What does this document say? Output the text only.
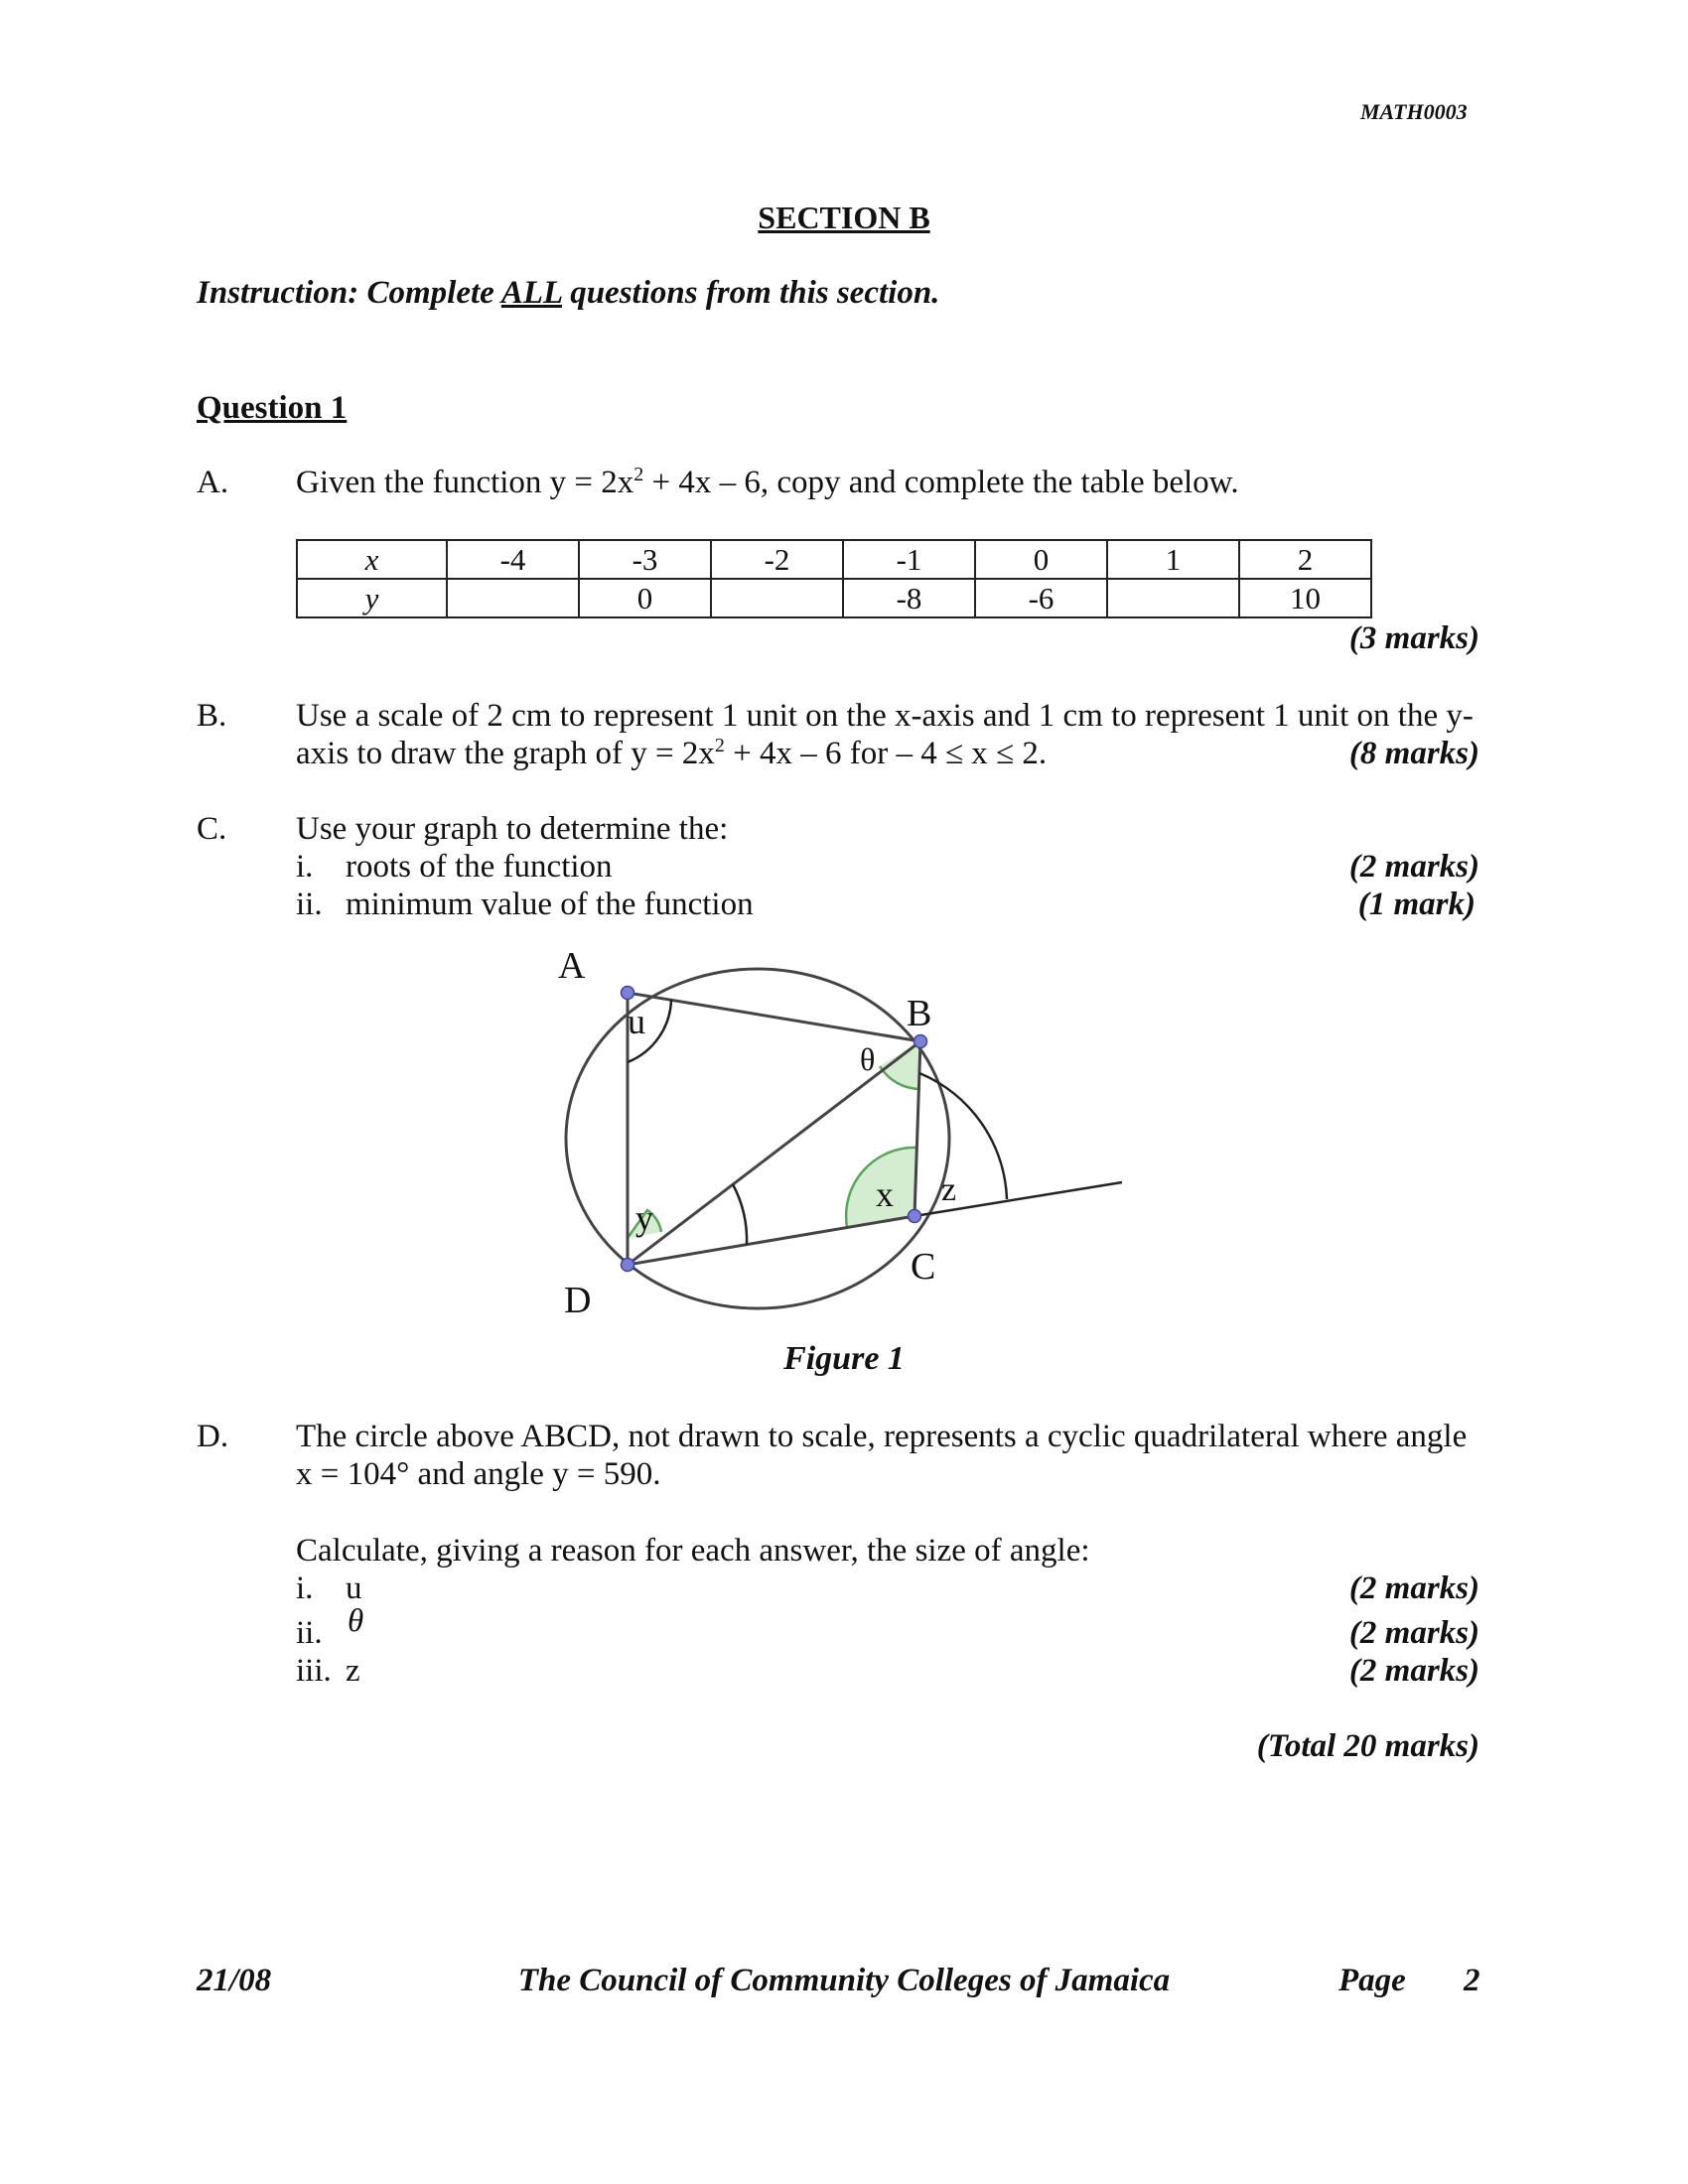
MATH0003
SECTION B
Instruction: Complete ALL questions from this section.
Question 1
A. Given the function $y = 2x^2 + 4x - 6$, copy and complete the table below.
x	-4	-3	-2	-1	0	1	2
y		0		-8	-6		10
(3 marks)
B. Use a scale of 2 cm to represent 1 unit on the x-axis and 1 cm to represent 1 unit on the y-
axis to draw the graph of $y = 2x^2 + 4x - 6$ for – 4 ≤ x ≤ 2.	(8 marks)
C. Use your graph to determine the:
i. roots of the function	(2 marks)
ii. minimum value of the function	(1 mark)
A
B
C
D
u
θ
x
y
z
Figure 1
D. The circle above ABCD, not drawn to scale, represents a cyclic quadrilateral where angle
x = 104° and angle y = 590.
Calculate, giving a reason for each answer, the size of angle:
i. u	(2 marks)
ii. θ	(2 marks)
iii. z	(2 marks)
(Total 20 marks)
21/08	The Council of Community Colleges of Jamaica	Page 2
